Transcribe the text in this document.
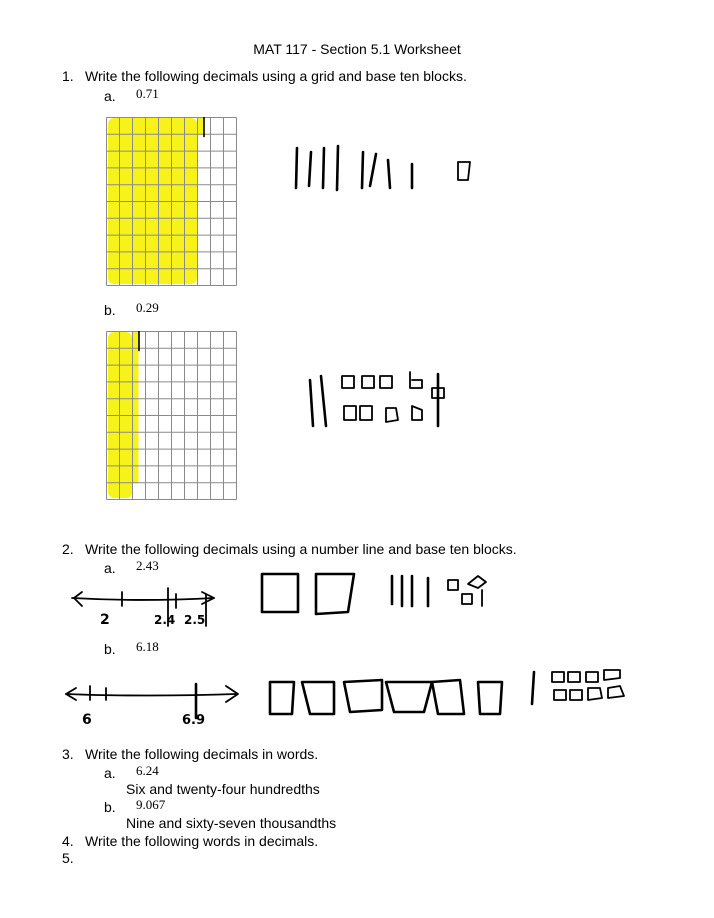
MAT 117 - Section 5.1 Worksheet
1. Write the following decimals using a grid and base ten blocks.
a. 0.71
b. 0.29
2. Write the following decimals using a number line and base ten blocks.
a. 2.43
2	2.4 2.5
b. 6.18
6	6.9
3. Write the following decimals in words.
a. 6.24
Six and twenty-four hundredths
b. 9.067
Nine and sixty-seven thousandths
4. Write the following words in decimals.
5.
